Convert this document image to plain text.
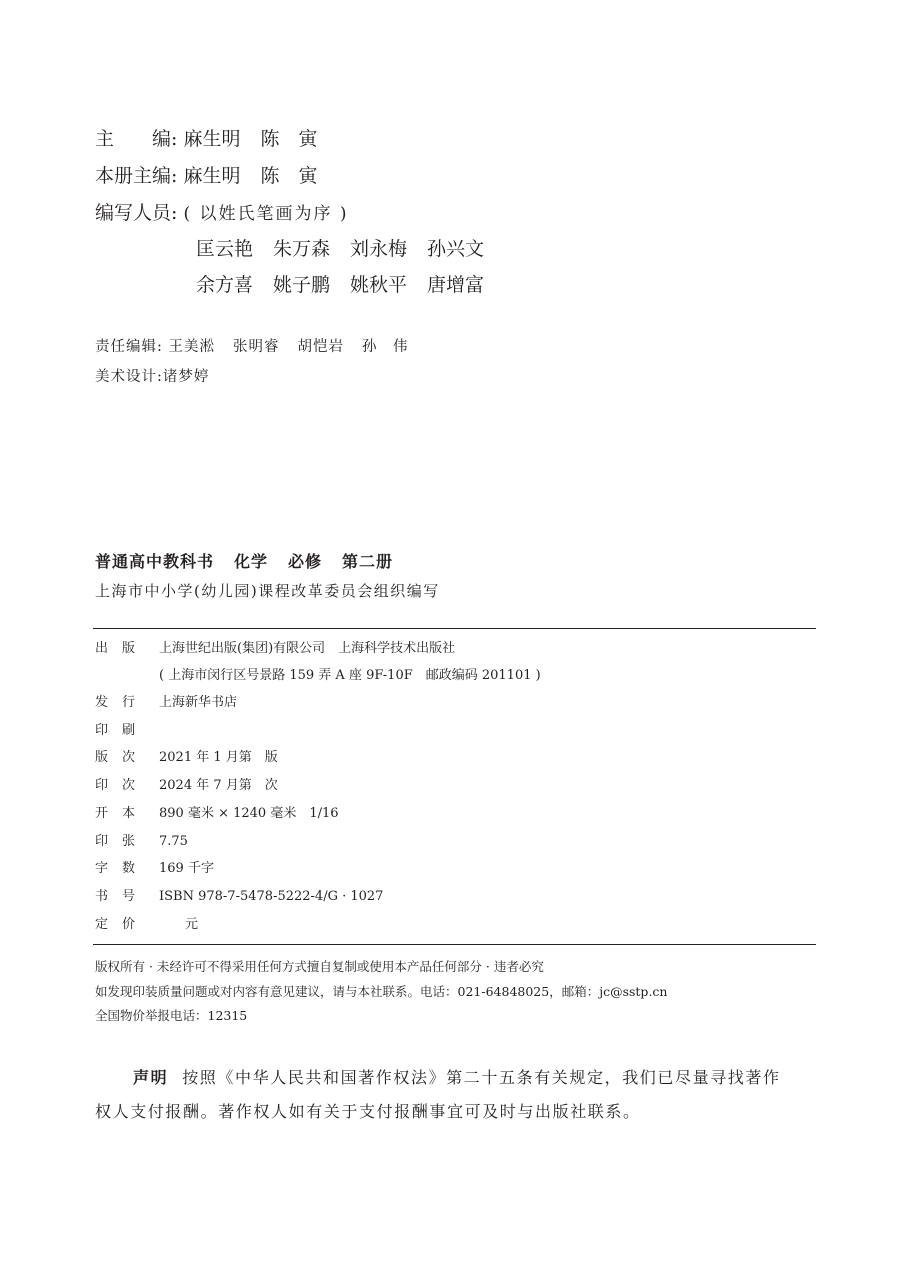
主 编 : 麻生明 陈　寅
本册主编: 麻生明 陈　寅
编写人员: ( 以姓氏笔画为序 )
匡云艳 朱万森 刘永梅 孙兴文
余方喜 姚子鹏 姚秋平 唐增富
责任编辑: 王美淞 张明睿 胡恺岩 孙　伟
美术设计:诸梦婷
普通高中教科书 化学 必修 第二册
上海市中小学(幼儿园)课程改革委员会组织编写
出 版 上海世纪出版(集团)有限公司　上海科学技术出版社
( 上海市闵行区号景路 159 弄 A 座 9F-10F　邮政编码 201101 )
发 行 上海新华书店
印 刷
版 次 2021 年 1 月第　版
印 次 2024 年 7 月第　次
开 本 890 毫米 × 1240 毫米　1/16
印 张 7.75
字 数 169 千字
书 号 ISBN 978-7-5478-5222-4/G · 1027
定 价 　　元
版权所有 · 未经许可不得采用任何方式擅自复制或使用本产品任何部分 · 违者必究
如发现印装质量问题或对内容有意见建议，请与本社联系。电话：021-64848025，邮箱：jc@sstp.cn
全国物价举报电话：12315
声明 按照《中华人民共和国著作权法》第二十五条有关规定，我们已尽量寻找著作
权人支付报酬。著作权人如有关于支付报酬事宜可及时与出版社联系。
